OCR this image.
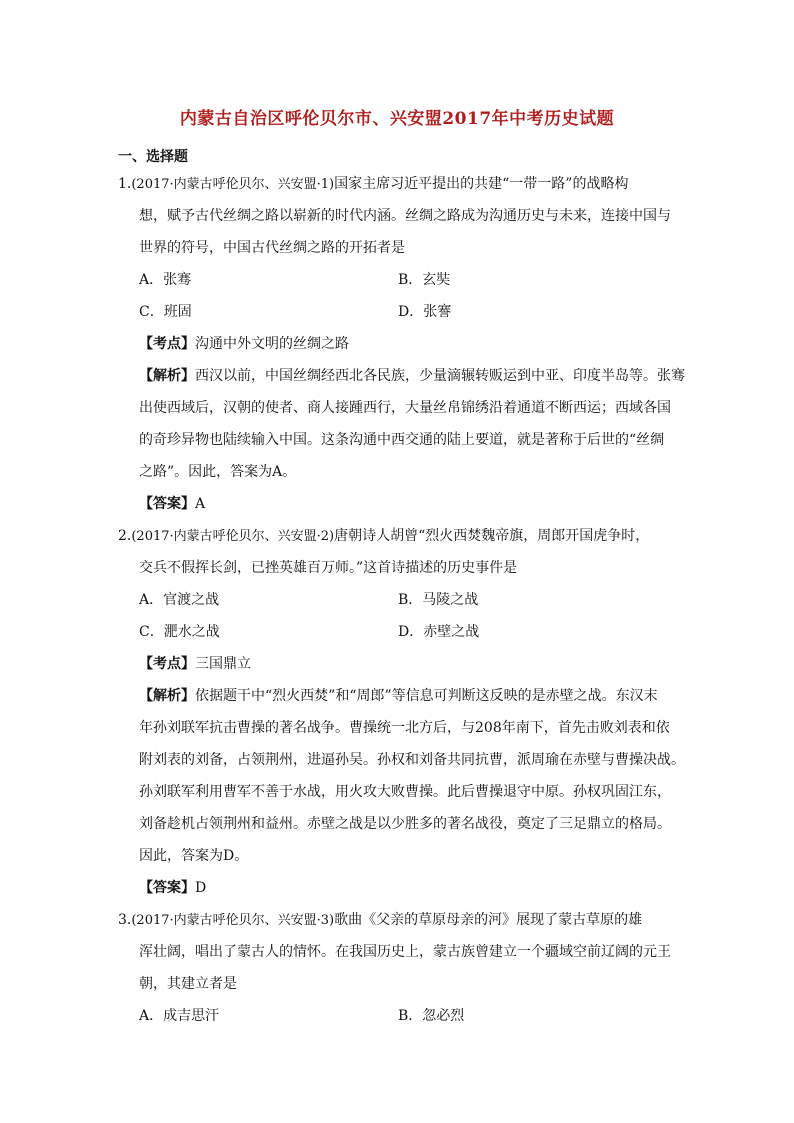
内蒙古自治区呼伦贝尔市、兴安盟2017年中考历史试题
一、选择题
1.(2017·内蒙古呼伦贝尔、兴安盟·1)国家主席习近平提出的共建“一带一路”的战略构
想，赋予古代丝绸之路以崭新的时代内涵。丝绸之路成为沟通历史与未来，连接中国与
世界的符号，中国古代丝绸之路的开拓者是
A．张骞	B．玄奘
C．班固	D．张謇
【考点】沟通中外文明的丝绸之路
【解析】西汉以前，中国丝绸经西北各民族，少量滴辗转贩运到中亚、印度半岛等。张骞
出使西域后，汉朝的使者、商人接踵西行，大量丝帛锦绣沿着通道不断西运；西域各国
的奇珍异物也陆续输入中国。这条沟通中西交通的陆上要道，就是著称于后世的“丝绸
之路”。因此，答案为A。
【答案】A
2.(2017·内蒙古呼伦贝尔、兴安盟·2)唐朝诗人胡曾“烈火西焚魏帝旗，周郎开国虎争时，
交兵不假挥长剑，已挫英雄百万师。”这首诗描述的历史事件是
A．官渡之战	B．马陵之战
C．淝水之战	D．赤壁之战
【考点】三国鼎立
【解析】依据题干中“烈火西焚”和“周郎”等信息可判断这反映的是赤壁之战。东汉末
年孙刘联军抗击曹操的著名战争。曹操统一北方后，与208年南下，首先击败刘表和依
附刘表的刘备，占领荆州，进逼孙吴。孙权和刘备共同抗曹，派周瑜在赤壁与曹操决战。
孙刘联军利用曹军不善于水战，用火攻大败曹操。此后曹操退守中原。孙权巩固江东，
刘备趁机占领荆州和益州。赤壁之战是以少胜多的著名战役，奠定了三足鼎立的格局。
因此，答案为D。
【答案】D
3.(2017·内蒙古呼伦贝尔、兴安盟·3)歌曲《父亲的草原母亲的河》展现了蒙古草原的雄
浑壮阔，唱出了蒙古人的情怀。在我国历史上，蒙古族曾建立一个疆域空前辽阔的元王
朝，其建立者是
A．成吉思汗	B．忽必烈
